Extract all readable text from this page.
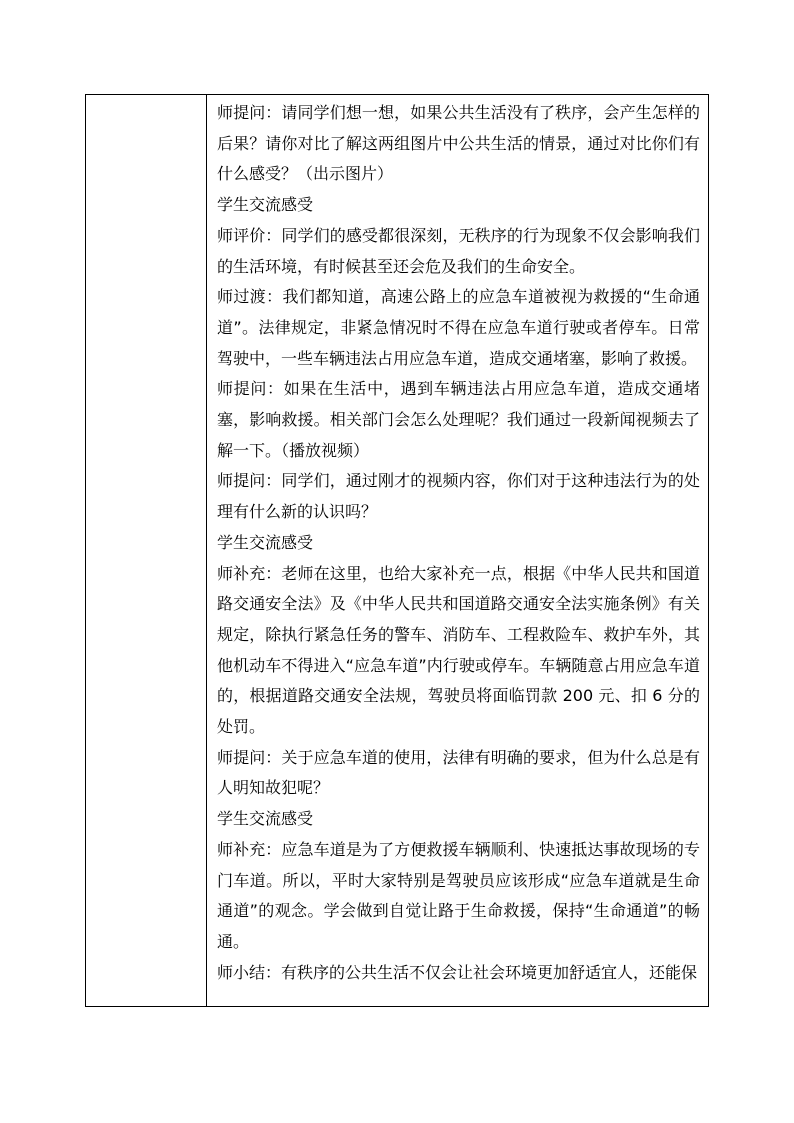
师提问：请同学们想一想，如果公共生活没有了秩序，会产生怎样的后果？请你对比了解这两组图片中公共生活的情景，通过对比你们有什么感受？（出示图片）

学生交流感受

师评价：同学们的感受都很深刻，无秩序的行为现象不仅会影响我们的生活环境，有时候甚至还会危及我们的生命安全。

师过渡：我们都知道，高速公路上的应急车道被视为救援的“生命通道”。法律规定，非紧急情况时不得在应急车道行驶或者停车。日常驾驶中，一些车辆违法占用应急车道，造成交通堵塞，影响了救援。

师提问：如果在生活中，遇到车辆违法占用应急车道，造成交通堵塞，影响救援。相关部门会怎么处理呢？我们通过一段新闻视频去了解一下。（播放视频）

师提问：同学们，通过刚才的视频内容，你们对于这种违法行为的处理有什么新的认识吗？

学生交流感受

师补充：老师在这里，也给大家补充一点，根据《中华人民共和国道路交通安全法》及《中华人民共和国道路交通安全法实施条例》有关规定，除执行紧急任务的警车、消防车、工程救险车、救护车外，其他机动车不得进入“应急车道”内行驶或停车。车辆随意占用应急车道的，根据道路交通安全法规，驾驶员将面临罚款 200 元、扣 6 分的处罚。

师提问：关于应急车道的使用，法律有明确的要求，但为什么总是有人明知故犯呢？

学生交流感受

师补充：应急车道是为了方便救援车辆顺利、快速抵达事故现场的专门车道。所以，平时大家特别是驾驶员应该形成“应急车道就是生命通道”的观念。学会做到自觉让路于生命救援，保持“生命通道”的畅通。

师小结：有秩序的公共生活不仅会让社会环境更加舒适宜人，还能保
